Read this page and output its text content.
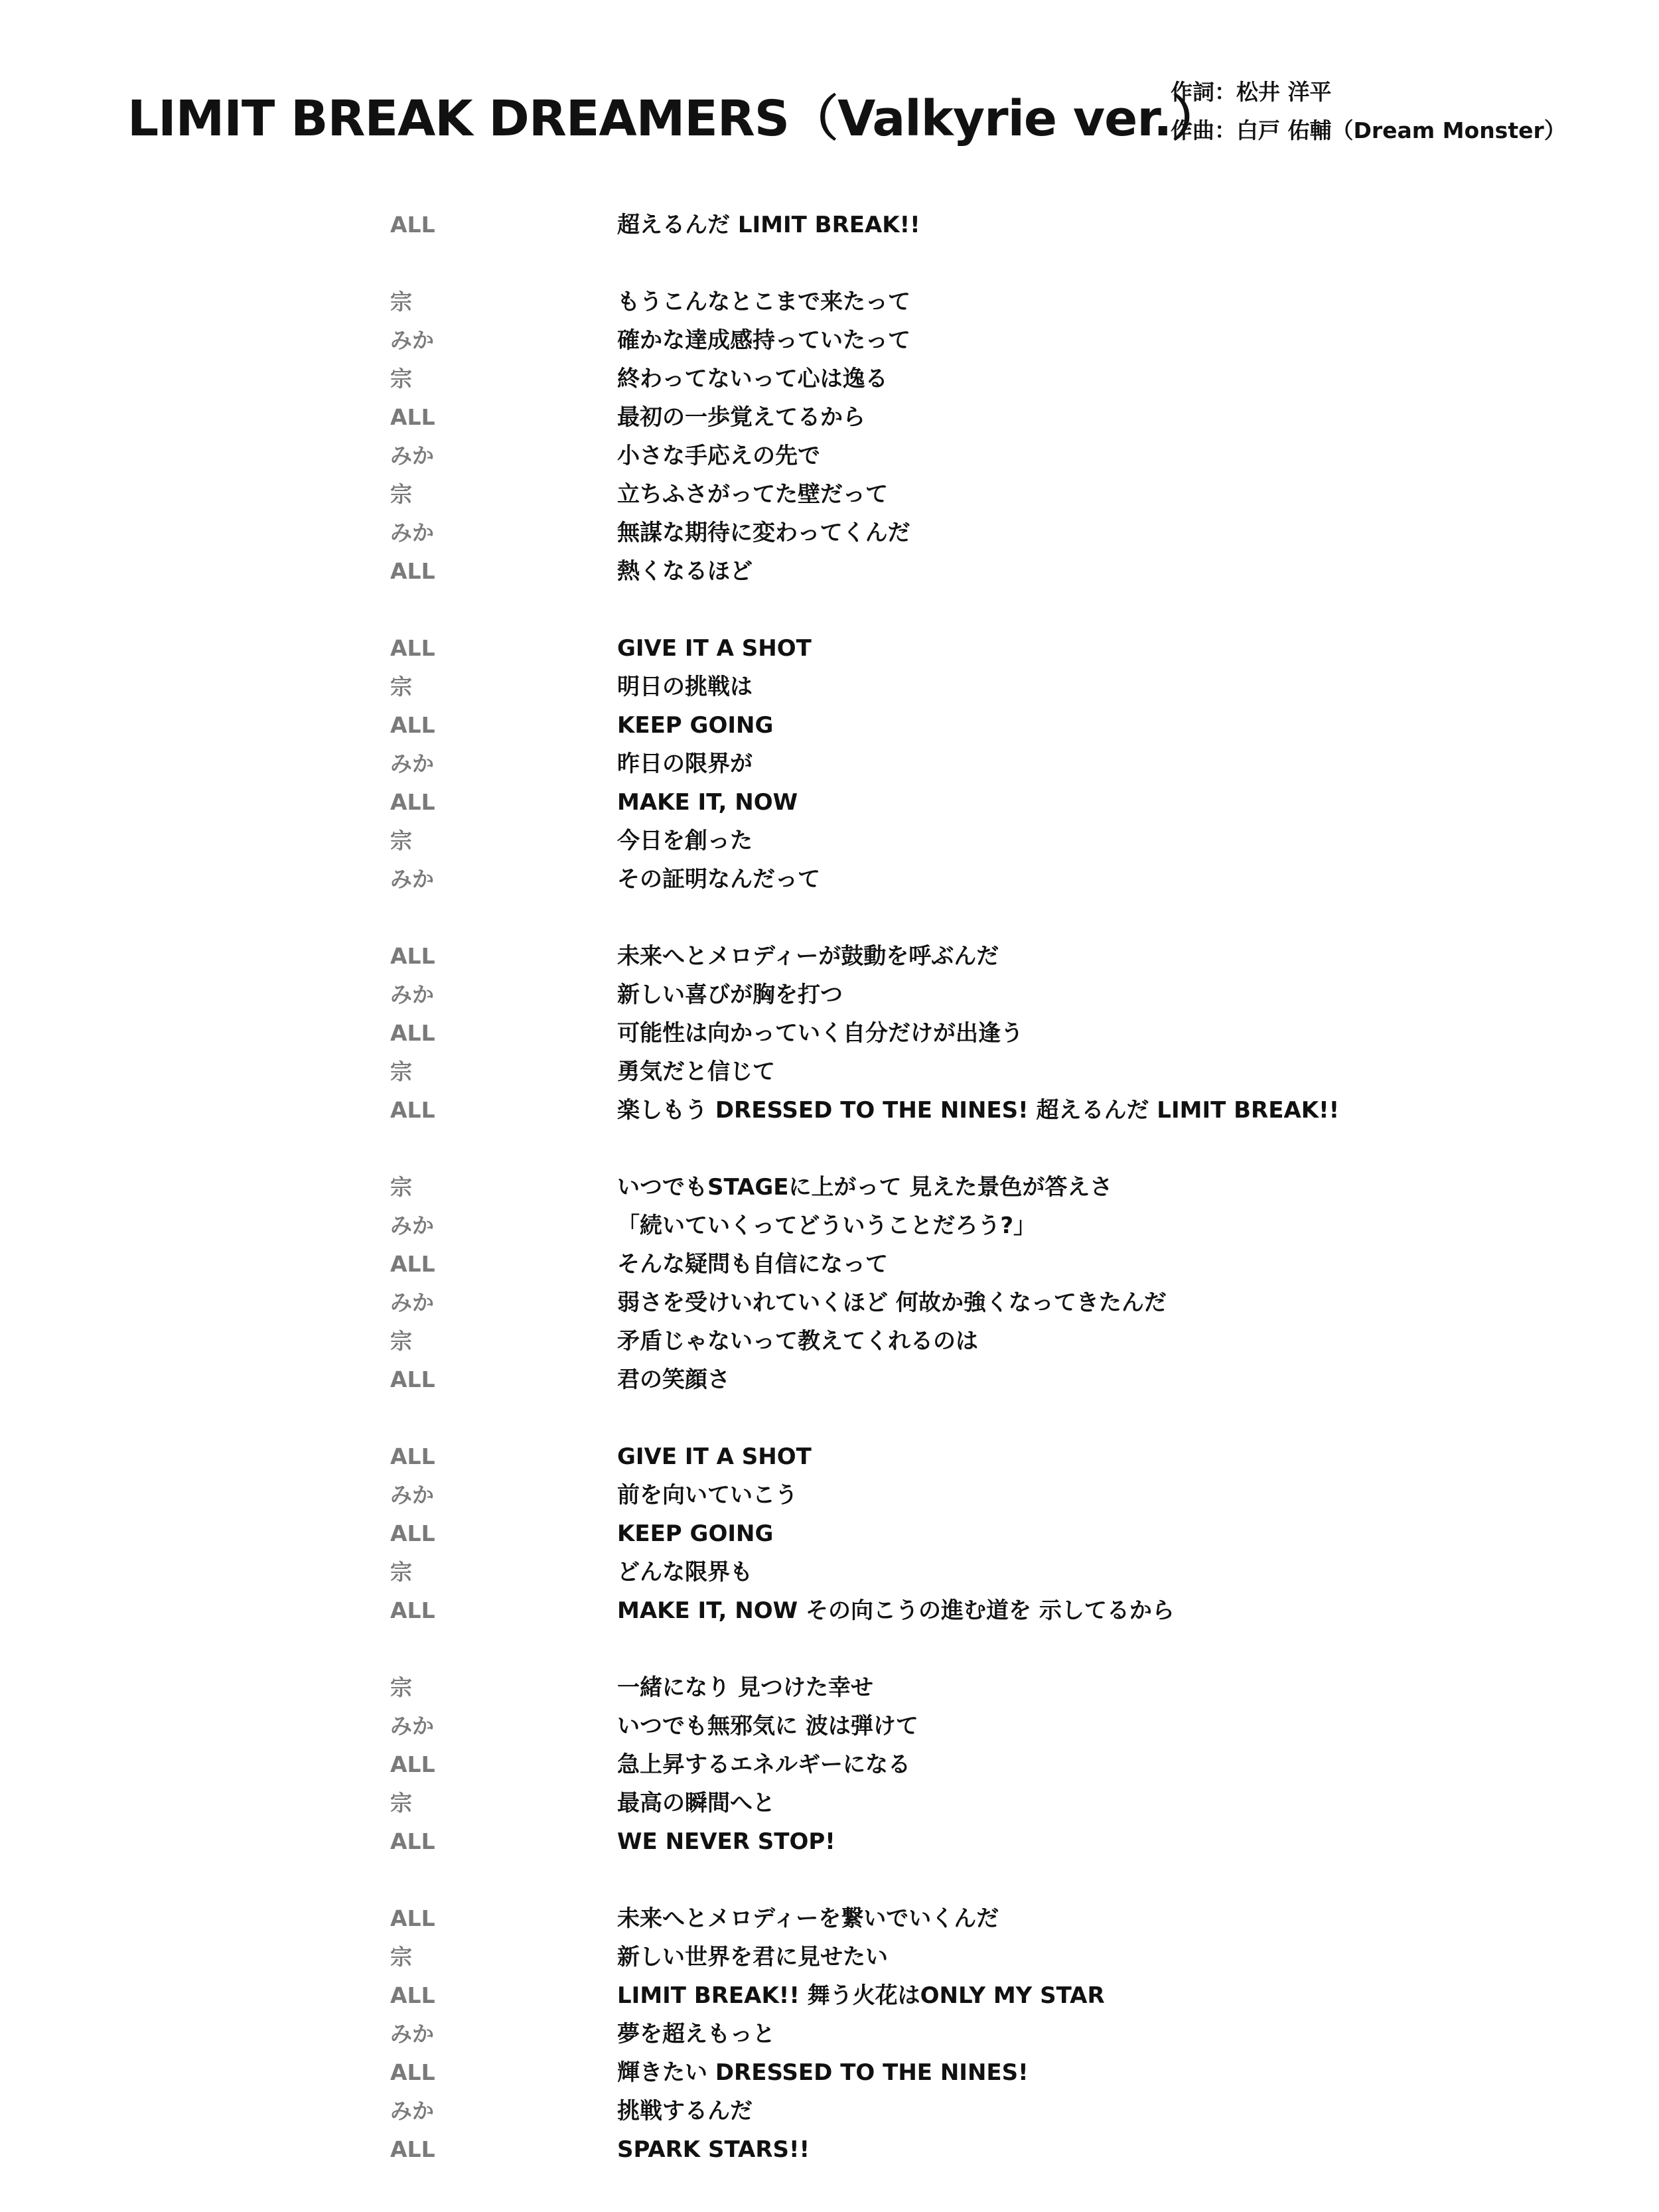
LIMIT BREAK DREAMERS（Valkyrie ver.）
作詞：松井 洋平
作曲：白戸 佑輔（Dream Monster）
ALL	超えるんだ LIMIT BREAK!!
宗	もうこんなとこまで来たって
みか	確かな達成感持っていたって
宗	終わってないって心は逸る
ALL	最初の一歩覚えてるから
みか	小さな手応えの先で
宗	立ちふさがってた壁だって
みか	無謀な期待に変わってくんだ
ALL	熱くなるほど
ALL	GIVE IT A SHOT
宗	明日の挑戦は
ALL	KEEP GOING
みか	昨日の限界が
ALL	MAKE IT, NOW
宗	今日を創った
みか	その証明なんだって
ALL	未来へとメロディーが鼓動を呼ぶんだ
みか	新しい喜びが胸を打つ
ALL	可能性は向かっていく自分だけが出逢う
宗	勇気だと信じて
ALL	楽しもう DRESSED TO THE NINES! 超えるんだ LIMIT BREAK!!
宗	いつでもSTAGEに上がって 見えた景色が答えさ
みか	「続いていくってどういうことだろう?」
ALL	そんな疑問も自信になって
みか	弱さを受けいれていくほど 何故か強くなってきたんだ
宗	矛盾じゃないって教えてくれるのは
ALL	君の笑顔さ
ALL	GIVE IT A SHOT
みか	前を向いていこう
ALL	KEEP GOING
宗	どんな限界も
ALL	MAKE IT, NOW その向こうの進む道を 示してるから
宗	一緒になり 見つけた幸せ
みか	いつでも無邪気に 波は弾けて
ALL	急上昇するエネルギーになる
宗	最高の瞬間へと
ALL	WE NEVER STOP!
ALL	未来へとメロディーを繋いでいくんだ
宗	新しい世界を君に見せたい
ALL	LIMIT BREAK!! 舞う火花はONLY MY STAR
みか	夢を超えもっと
ALL	輝きたい DRESSED TO THE NINES!
みか	挑戦するんだ
ALL	SPARK STARS!!
